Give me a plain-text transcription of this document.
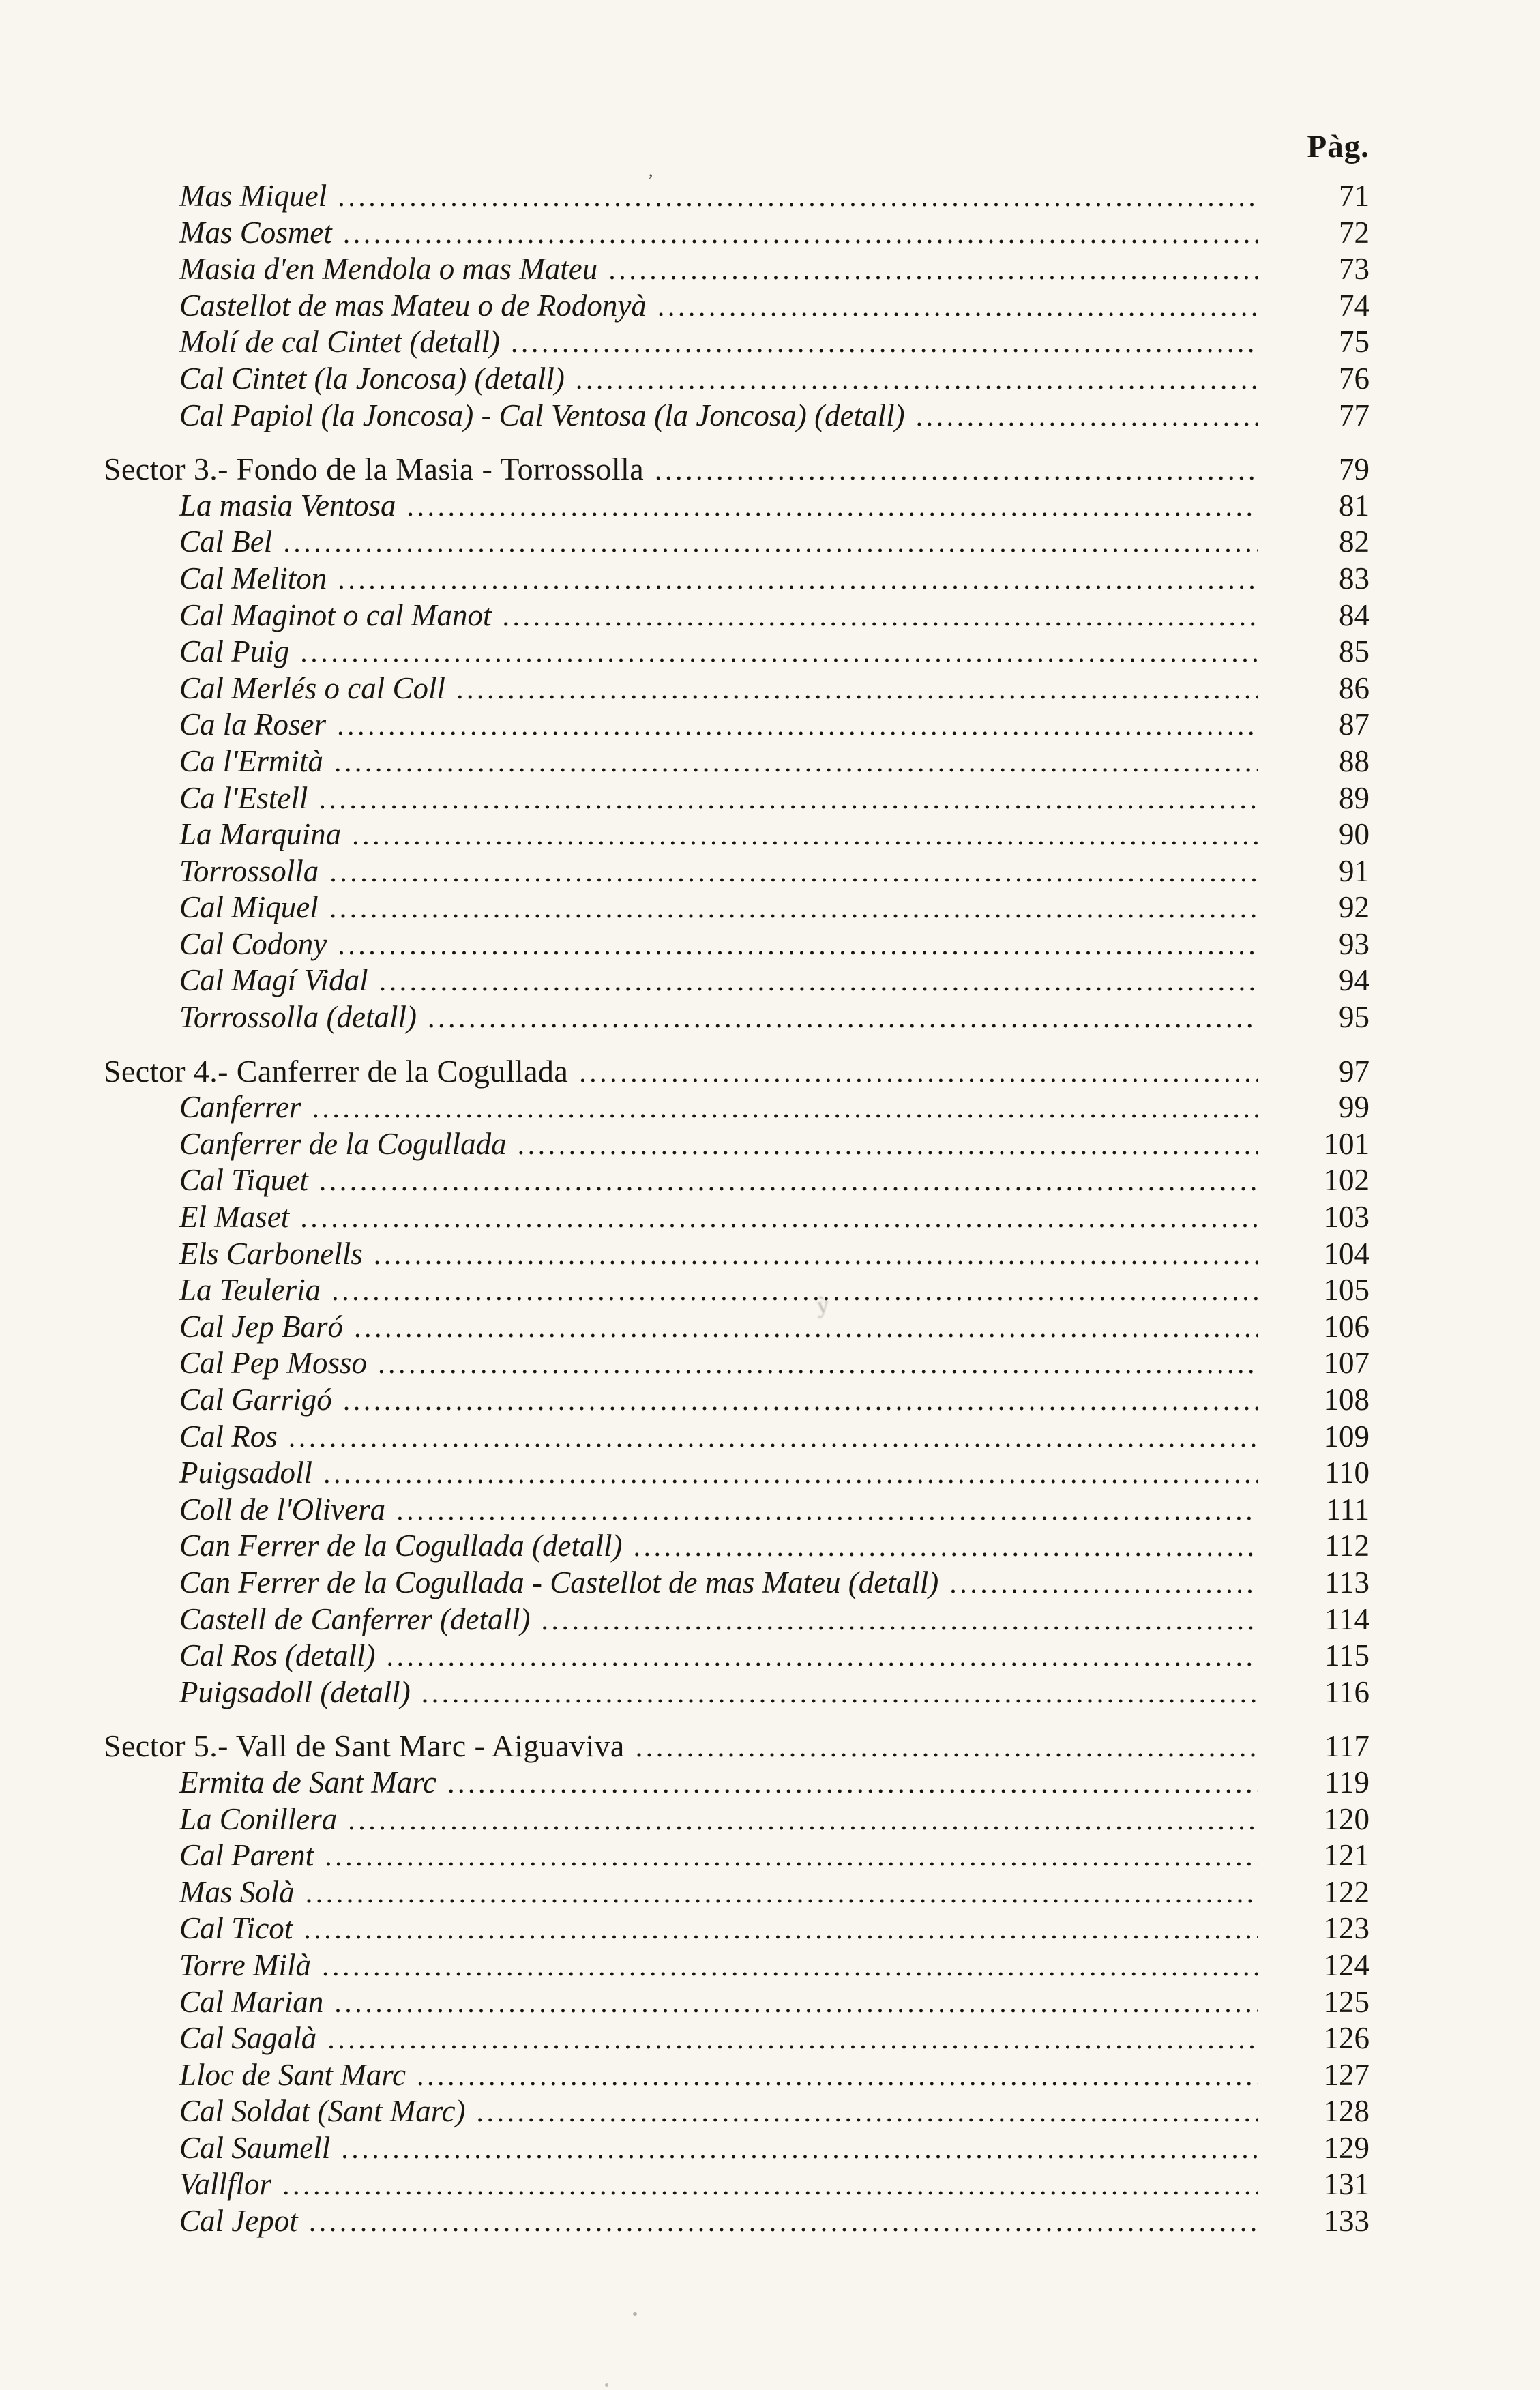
Pàg.
Mas Miquel .....	71
Mas Cosmet .....	72
Masia d'en Mendola o mas Mateu .....	73
Castellot de mas Mateu o de Rodonyà .....	74
Molí de cal Cintet (detall) .....	75
Cal Cintet (la Joncosa) (detall) .....	76
Cal Papiol (la Joncosa) - Cal Ventosa (la Joncosa) (detall) .....	77
Sector 3.- Fondo de la Masia - Torrossolla .....	79
La masia Ventosa .....	81
Cal Bel .....	82
Cal Meliton .....	83
Cal Maginot o cal Manot .....	84
Cal Puig .....	85
Cal Merlés o cal Coll .....	86
Ca la Roser .....	87
Ca l'Ermità .....	88
Ca l'Estell .....	89
La Marquina .....	90
Torrossolla .....	91
Cal Miquel .....	92
Cal Codony .....	93
Cal Magí Vidal .....	94
Torrossolla (detall) .....	95
Sector 4.- Canferrer de la Cogullada .....	97
Canferrer .....	99
Canferrer de la Cogullada .....	101
Cal Tiquet .....	102
El Maset .....	103
Els Carbonells .....	104
La Teuleria .....	105
Cal Jep Baró .....	106
Cal Pep Mosso .....	107
Cal Garrigó .....	108
Cal Ros .....	109
Puigsadoll .....	110
Coll de l'Olivera .....	111
Can Ferrer de la Cogullada (detall) .....	112
Can Ferrer de la Cogullada - Castellot de mas Mateu (detall) .....	113
Castell de Canferrer (detall) .....	114
Cal Ros (detall) .....	115
Puigsadoll (detall) .....	116
Sector 5.- Vall de Sant Marc - Aiguaviva .....	117
Ermita de Sant Marc .....	119
La Conillera .....	120
Cal Parent .....	121
Mas Solà .....	122
Cal Ticot .....	123
Torre Milà .....	124
Cal Marian .....	125
Cal Sagalà .....	126
Lloc de Sant Marc .....	127
Cal Soldat (Sant Marc) .....	128
Cal Saumell .....	129
Vallflor .....	131
Cal Jepot .....	133
’
ỳ
